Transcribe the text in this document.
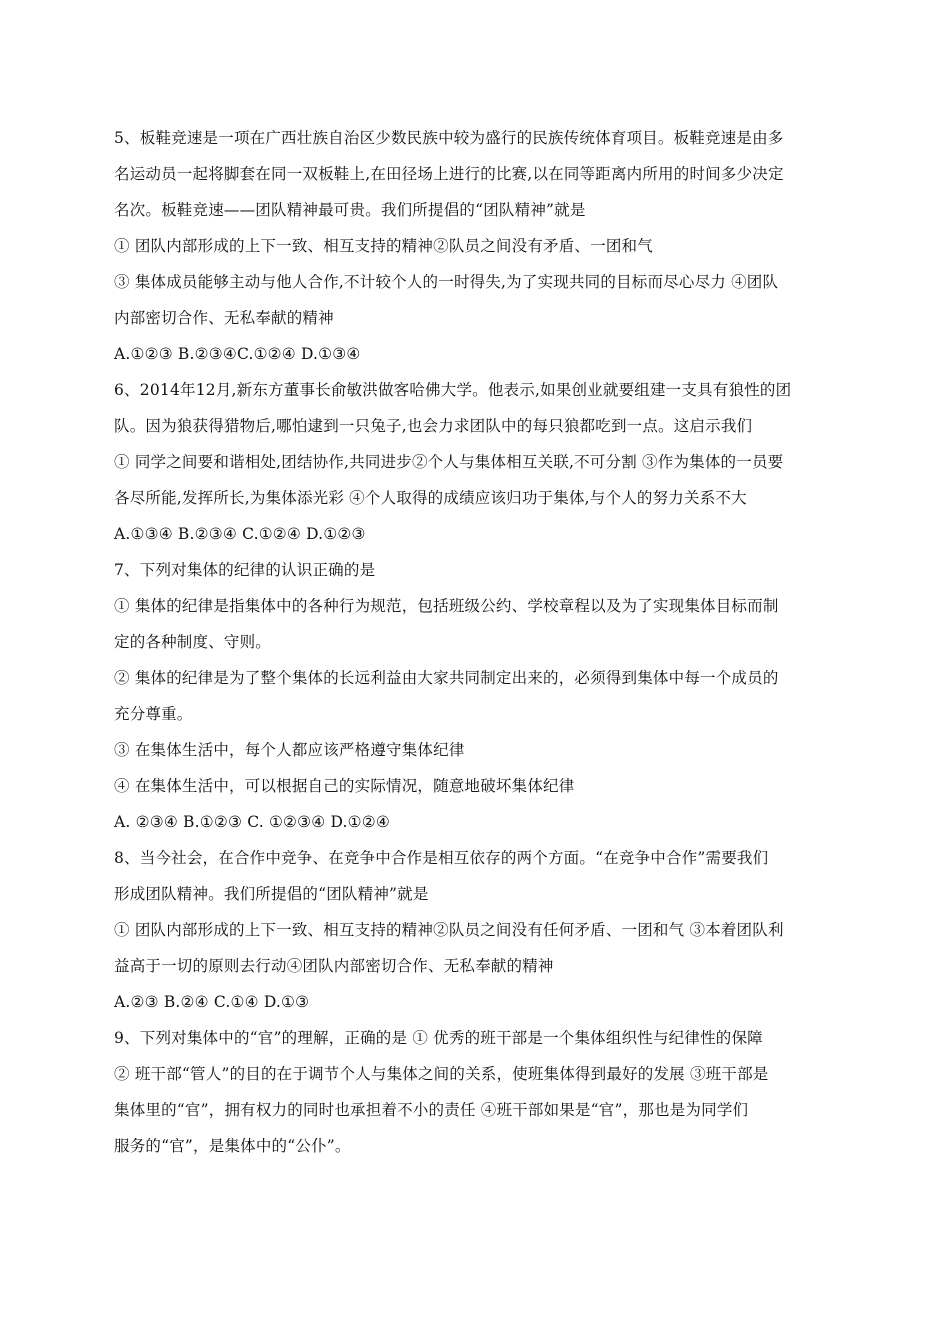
5、板鞋竞速是一项在广西壮族自治区少数民族中较为盛行的民族传统体育项目。板鞋竞速是由多
名运动员一起将脚套在同一双板鞋上,在田径场上进行的比赛,以在同等距离内所用的时间多少决定
名次。板鞋竞速——团队精神最可贵。我们所提倡的“团队精神”就是
① 团队内部形成的上下一致、相互支持的精神②队员之间没有矛盾、一团和气
③ 集体成员能够主动与他人合作,不计较个人的一时得失,为了实现共同的目标而尽心尽力 ④团队
内部密切合作、无私奉献的精神
A.①②③ B.②③④C.①②④ D.①③④
6、2014年12月,新东方董事长俞敏洪做客哈佛大学。他表示,如果创业就要组建一支具有狼性的团
队。因为狼获得猎物后,哪怕逮到一只兔子,也会力求团队中的每只狼都吃到一点。这启示我们
① 同学之间要和谐相处,团结协作,共同进步②个人与集体相互关联,不可分割 ③作为集体的一员要
各尽所能,发挥所长,为集体添光彩 ④个人取得的成绩应该归功于集体,与个人的努力关系不大
A.①③④ B.②③④ C.①②④ D.①②③
7、下列对集体的纪律的认识正确的是
① 集体的纪律是指集体中的各种行为规范，包括班级公约、学校章程以及为了实现集体目标而制
定的各种制度、守则。
② 集体的纪律是为了整个集体的长远利益由大家共同制定出来的，必须得到集体中每一个成员的
充分尊重。
③ 在集体生活中，每个人都应该严格遵守集体纪律
④ 在集体生活中，可以根据自己的实际情况，随意地破坏集体纪律
A. ②③④ B.①②③ C. ①②③④ D.①②④
8、当今社会，在合作中竞争、在竞争中合作是相互依存的两个方面。“在竞争中合作”需要我们
形成团队精神。我们所提倡的“团队精神”就是
① 团队内部形成的上下一致、相互支持的精神②队员之间没有任何矛盾、一团和气 ③本着团队利
益高于一切的原则去行动④团队内部密切合作、无私奉献的精神
A.②③ B.②④ C.①④ D.①③
9、下列对集体中的“官”的理解，正确的是 ① 优秀的班干部是一个集体组织性与纪律性的保障
② 班干部“管人”的目的在于调节个人与集体之间的关系，使班集体得到最好的发展 ③班干部是
集体里的“官”，拥有权力的同时也承担着不小的责任 ④班干部如果是“官”，那也是为同学们
服务的“官”，是集体中的“公仆”。
